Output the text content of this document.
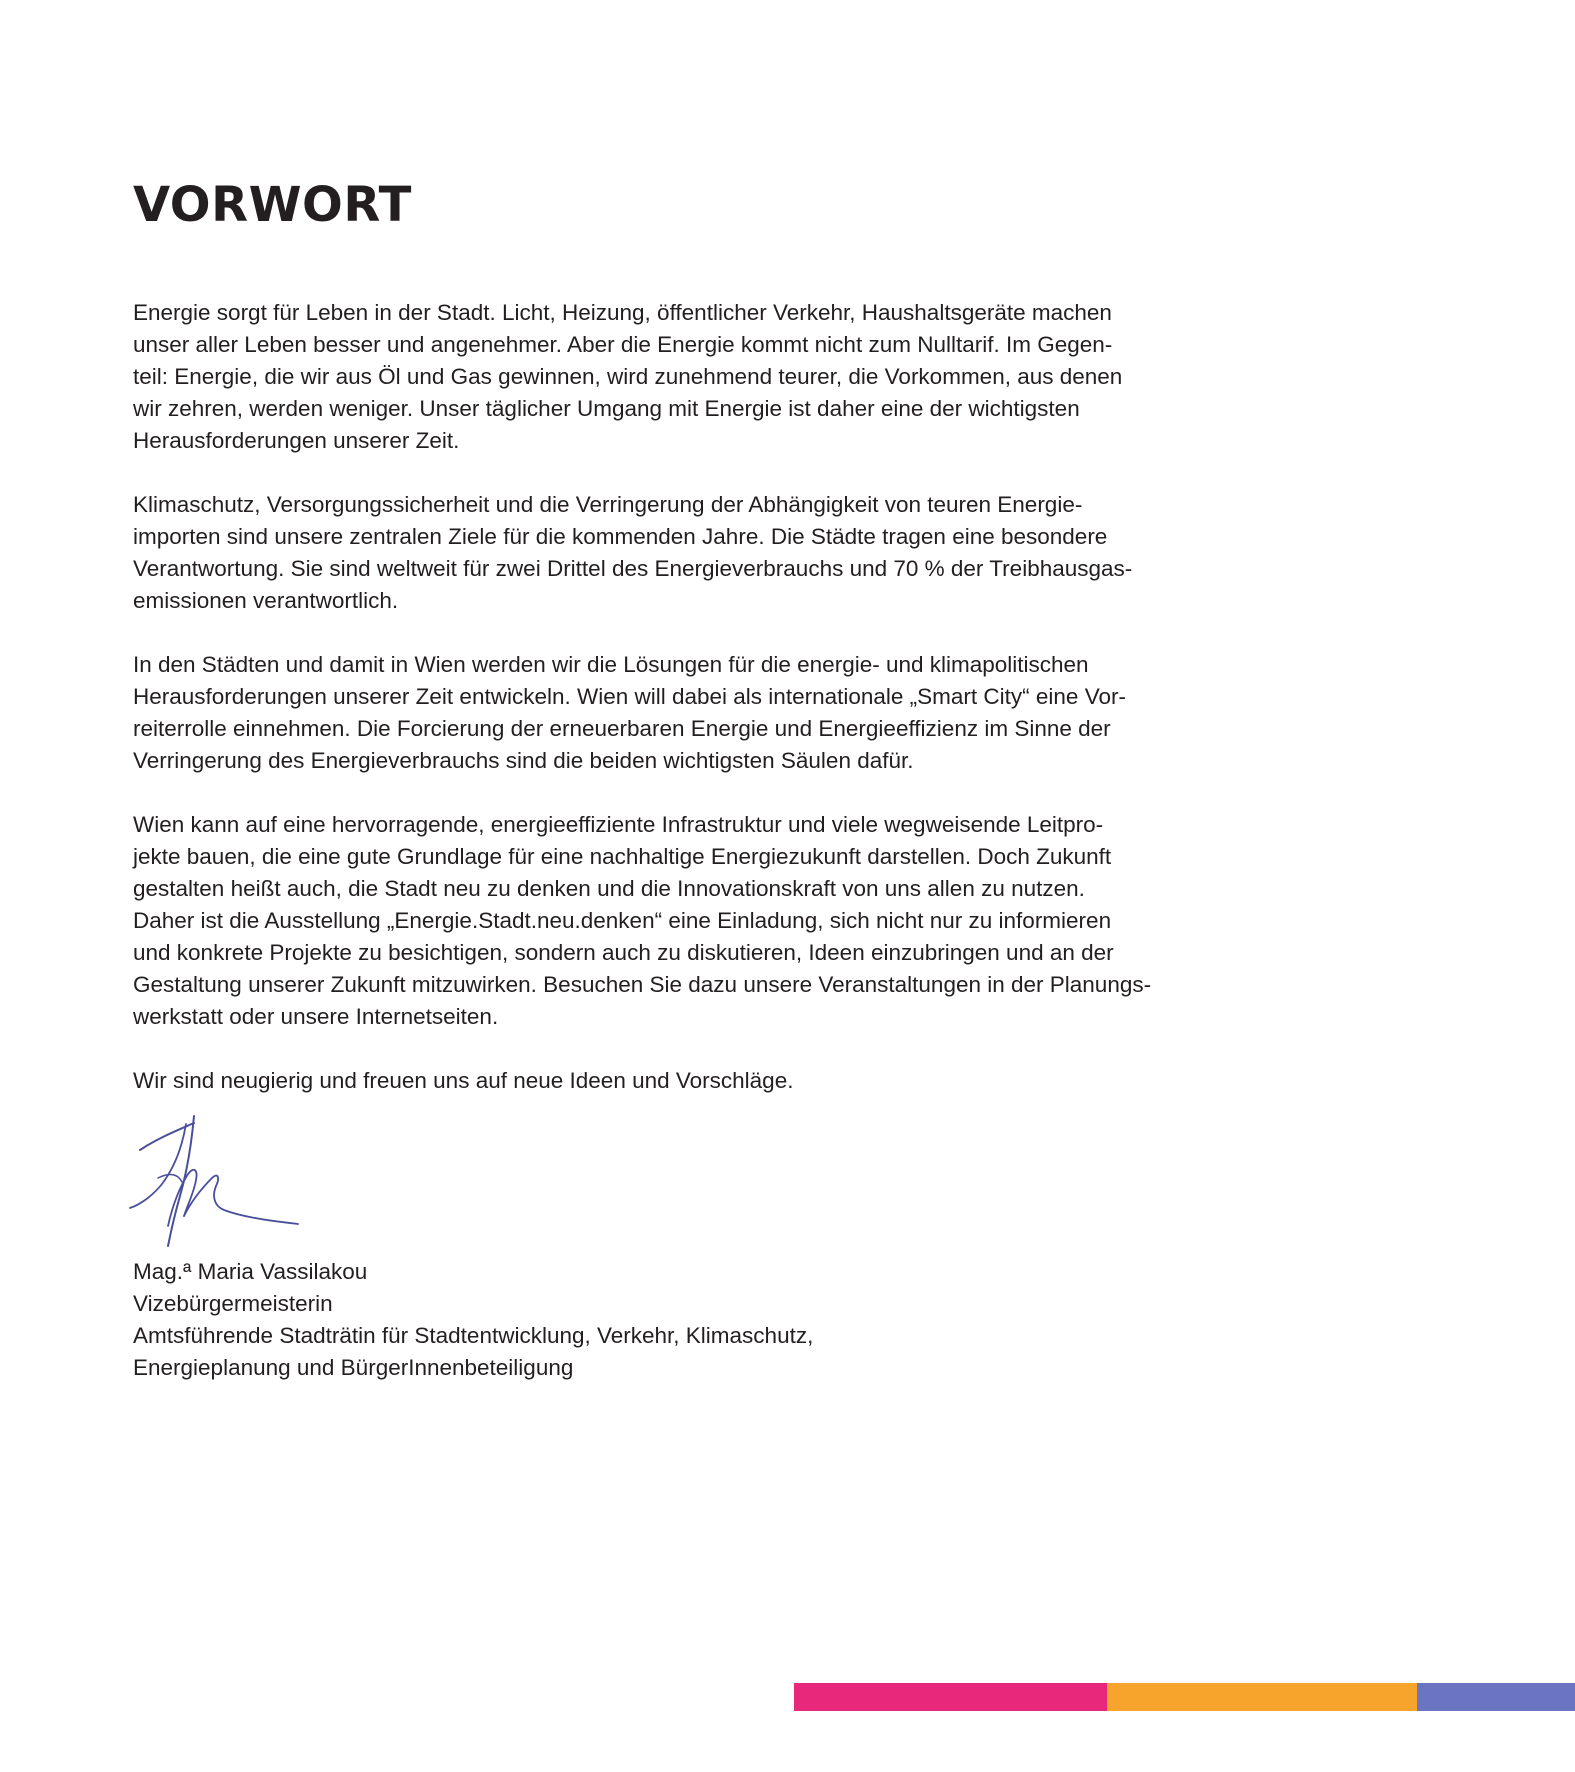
VORWORT

Energie sorgt für Leben in der Stadt. Licht, Heizung, öffentlicher Verkehr, Haushaltsgeräte machen
unser aller Leben besser und angenehmer. Aber die Energie kommt nicht zum Nulltarif. Im Gegen-
teil: Energie, die wir aus Öl und Gas gewinnen, wird zunehmend teurer, die Vorkommen, aus denen
wir zehren, werden weniger. Unser täglicher Umgang mit Energie ist daher eine der wichtigsten
Herausforderungen unserer Zeit.

Klimaschutz, Versorgungssicherheit und die Verringerung der Abhängigkeit von teuren Energie-
importen sind unsere zentralen Ziele für die kommenden Jahre. Die Städte tragen eine besondere
Verantwortung. Sie sind weltweit für zwei Drittel des Energieverbrauchs und 70 % der Treibhausgas-
emissionen verantwortlich.

In den Städten und damit in Wien werden wir die Lösungen für die energie- und klimapolitischen
Herausforderungen unserer Zeit entwickeln. Wien will dabei als internationale „Smart City“ eine Vor-
reiterrolle einnehmen. Die Forcierung der erneuerbaren Energie und Energieeffizienz im Sinne der
Verringerung des Energieverbrauchs sind die beiden wichtigsten Säulen dafür.

Wien kann auf eine hervorragende, energieeffiziente Infrastruktur und viele wegweisende Leitpro-
jekte bauen, die eine gute Grundlage für eine nachhaltige Energiezukunft darstellen. Doch Zukunft
gestalten heißt auch, die Stadt neu zu denken und die Innovationskraft von uns allen zu nutzen.
Daher ist die Ausstellung „Energie.Stadt.neu.denken“ eine Einladung, sich nicht nur zu informieren
und konkrete Projekte zu besichtigen, sondern auch zu diskutieren, Ideen einzubringen und an der
Gestaltung unserer Zukunft mitzuwirken. Besuchen Sie dazu unsere Veranstaltungen in der Planungs-
werkstatt oder unsere Internetseiten.

Wir sind neugierig und freuen uns auf neue Ideen und Vorschläge.

Mag.ª Maria Vassilakou
Vizebürgermeisterin
Amtsführende Stadträtin für Stadtentwicklung, Verkehr, Klimaschutz,
Energieplanung und BürgerInnenbeteiligung
